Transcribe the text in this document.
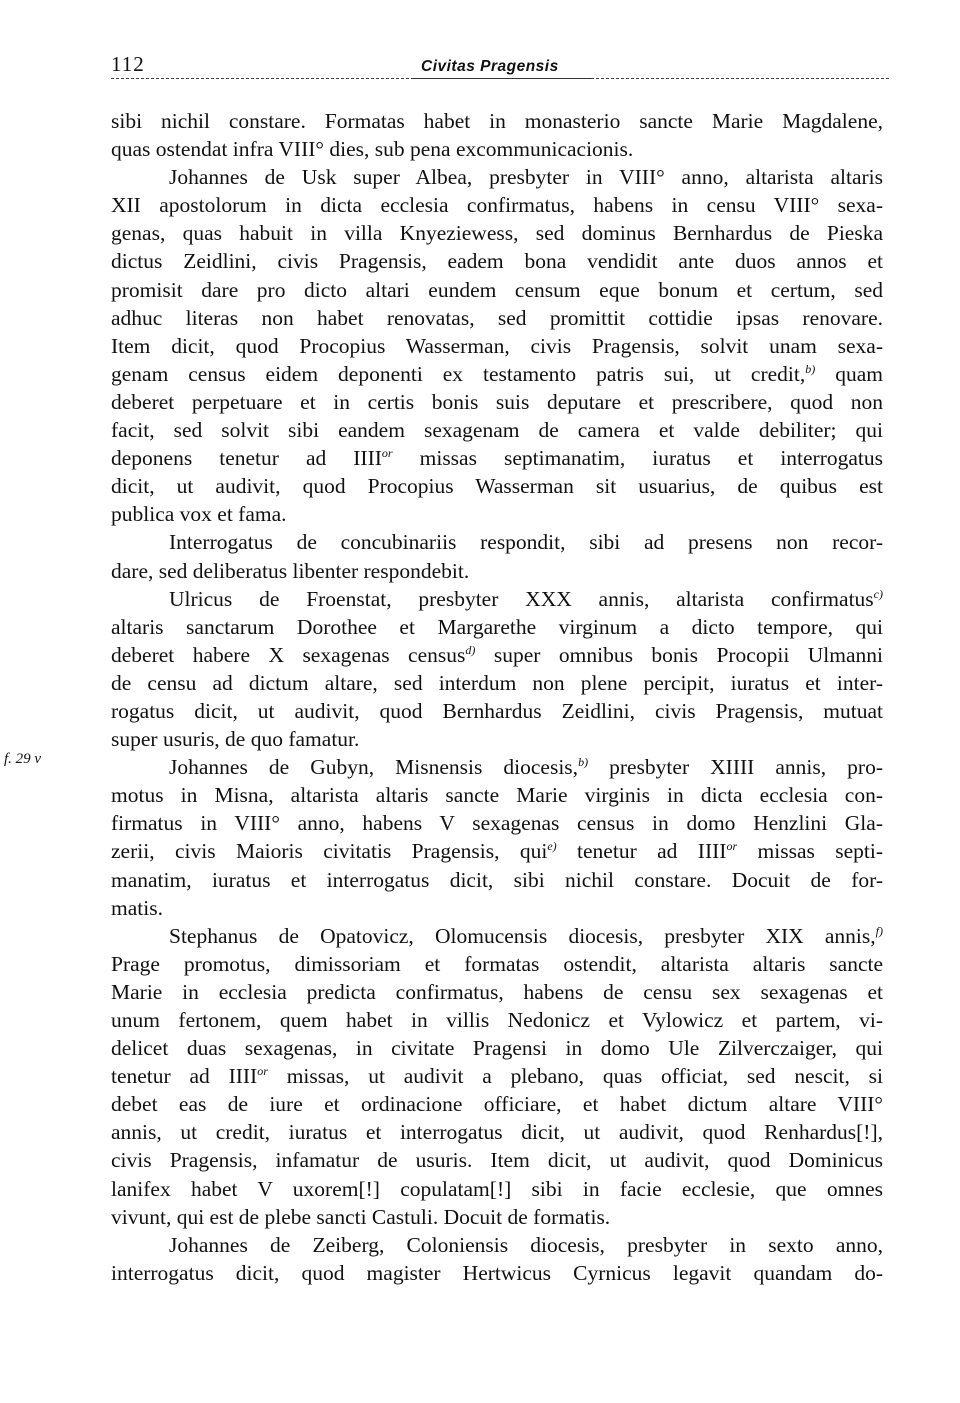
112	Civitas Pragensis
f. 29 v
sibi nichil constare. Formatas habet in monasterio sancte Marie Magdalene,
quas ostendat infra VIII° dies, sub pena excommunicacionis.
Johannes de Usk super Albea, presbyter in VIII° anno, altarista altaris
XII apostolorum in dicta ecclesia confirmatus, habens in censu VIII° sexa-
genas, quas habuit in villa Knyeziewess, sed dominus Bernhardus de Pieska
dictus Zeidlini, civis Pragensis, eadem bona vendidit ante duos annos et
promisit dare pro dicto altari eundem censum eque bonum et certum, sed
adhuc literas non habet renovatas, sed promittit cottidie ipsas renovare.
Item dicit, quod Procopius Wasserman, civis Pragensis, solvit unam sexa-
genam census eidem deponenti ex testamento patris sui, ut credit,$^{b)}$ quam
deberet perpetuare et in certis bonis suis deputare et prescribere, quod non
facit, sed solvit sibi eandem sexagenam de camera et valde debiliter; qui
deponens tenetur ad IIII$^{or}$ missas septimanatim, iuratus et interrogatus
dicit, ut audivit, quod Procopius Wasserman sit usuarius, de quibus est
publica vox et fama.
Interrogatus de concubinariis respondit, sibi ad presens non recor-
dare, sed deliberatus libenter respondebit.
Ulricus de Froenstat, presbyter XXX annis, altarista confirmatus$^{c)}$
altaris sanctarum Dorothee et Margarethe virginum a dicto tempore, qui
deberet habere X sexagenas census$^{d)}$ super omnibus bonis Procopii Ulmanni
de censu ad dictum altare, sed interdum non plene percipit, iuratus et inter-
rogatus dicit, ut audivit, quod Bernhardus Zeidlini, civis Pragensis, mutuat
super usuris, de quo famatur.
Johannes de Gubyn, Misnensis diocesis,$^{b)}$ presbyter XIIII annis, pro-
motus in Misna, altarista altaris sancte Marie virginis in dicta ecclesia con-
firmatus in VIII° anno, habens V sexagenas census in domo Henzlini Gla-
zerii, civis Maioris civitatis Pragensis, qui$^{e)}$ tenetur ad IIII$^{or}$ missas septi-
manatim, iuratus et interrogatus dicit, sibi nichil constare. Docuit de for-
matis.
Stephanus de Opatovicz, Olomucensis diocesis, presbyter XIX annis,$^{f)}$
Prage promotus, dimissoriam et formatas ostendit, altarista altaris sancte
Marie in ecclesia predicta confirmatus, habens de censu sex sexagenas et
unum fertonem, quem habet in villis Nedonicz et Vylowicz et partem, vi-
delicet duas sexagenas, in civitate Pragensi in domo Ule Zilverczaiger, qui
tenetur ad IIII$^{or}$ missas, ut audivit a plebano, quas officiat, sed nescit, si
debet eas de iure et ordinacione officiare, et habet dictum altare VIII°
annis, ut credit, iuratus et interrogatus dicit, ut audivit, quod Renhardus[!],
civis Pragensis, infamatur de usuris. Item dicit, ut audivit, quod Dominicus
lanifex habet V uxorem[!] copulatam[!] sibi in facie ecclesie, que omnes
vivunt, qui est de plebe sancti Castuli. Docuit de formatis.
Johannes de Zeiberg, Coloniensis diocesis, presbyter in sexto anno,
interrogatus dicit, quod magister Hertwicus Cyrnicus legavit quandam do-
